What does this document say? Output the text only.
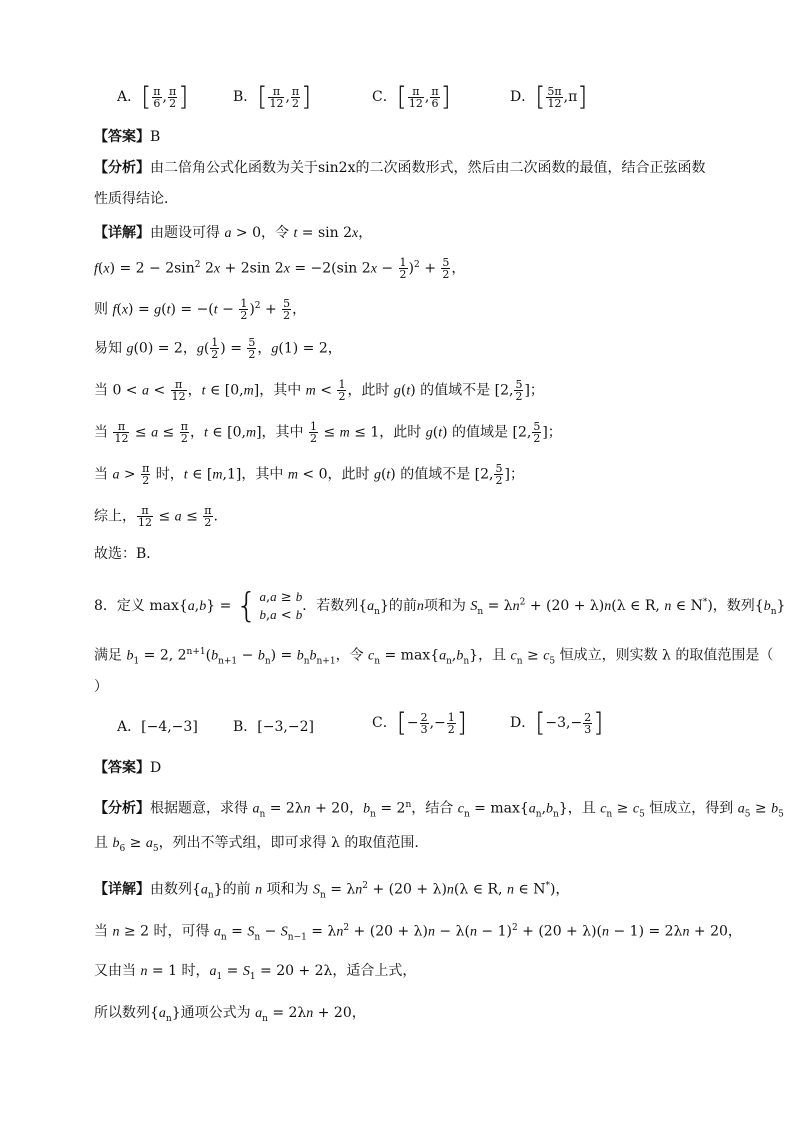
A．[ $\frac{\pi}{6}$ , $\frac{\pi}{2}$ ]	B．[ $\frac{\pi}{12}$ , $\frac{\pi}{2}$ ]	C．[ $\frac{\pi}{12}$ , $\frac{\pi}{6}$ ]	D．[ $\frac{5\pi}{12} ,\pi$]
【答案】B
【分析】由二倍角公式化函数为关于sin2x的二次函数形式，然后由二次函数的最值，结合正弦函数
性质得结论．
【详解】由题设可得 a > 0，令 t = sin 2x，
$f(x) = 2 - 2\sin^2$ 2x + 2sin 2x = −2(sin $2x - \frac{1}{2} )^2 + \frac{5}{2}$ ，
则 $f(x) = g(t) = -(t - \frac{1}{2} )^2 + \frac{5}{2}$ ，
易知 g(0) = 2，$g( \frac{1}{2}$ ) = $\frac{5}{2}$ ，g(1) = 2，
当 $0 < a < \frac{\pi}{12}$ ，t ∈ [0,m]，其中 $m < \frac{1}{2}$ ，此时 g(t) 的值域不是 [2, $\frac{5}{2}$ ]；
当 $\frac{\pi}{12} \le a \le \frac{\pi}{2}$ ，t ∈ [0,m]，其中 $\frac{1}{2} \le m \le 1$，此时 g(t) 的值域是 [2, $\frac{5}{2}$ ]；
当 $a > \frac{\pi}{2}$ 时，t ∈ [m,1]，其中 m < 0，此时 g(t) 的值域不是 [2, $\frac{5}{2}$ ]；
综上， $\frac{\pi}{12} \le a \le \frac{\pi}{2}$ .
故选：B．
8．定义 max{a,b} = { a,a ≥ b
b,a < b．若数列$\{a_n\}$的前n项和为 $S_n = \lambda n^2 + (20 + \lambda)n(\lambda$ ∈ R, n ∈ N*)，数列$\{b_n\}$
满足 $b_1 = 2$, $2^{n+1}(b_{n+1} - b_n) = b_nb_{n+1}$，令 $c_n = \max\{a_n,b_n\}$，且 $c_n \ge c_5$ 恒成立，则实数 λ 的取值范围是（
）
A．[−4,−3]	B．[−3,−2]	C．[− $\frac{2}{3}$ ,− $\frac{1}{2}$ ]	D．[$-3,- \frac{2}{3}$ ]
【答案】D
【分析】根据题意，求得 $a_n = 2\lambda n + 20$，$b_n = 2^n$，结合 $c_n = \max\{a_n,b_n\}$，且 $c_n \ge c_5$ 恒成立，得到 $a_5 \ge b_5$
且 $b_6 \ge a_5$，列出不等式组，即可求得 λ 的取值范围.
【详解】由数列$\{a_n\}$的前 n 项和为 $S_n = \lambda n^2 + (20 + \lambda)n(\lambda$ ∈ R, n ∈ N*)，
当 n ≥ 2 时，可得 $a_n = S_n - S_{n-1} = \lambda n^2 + (20 + \lambda)n - \lambda(n - 1)^2 + (20 + \lambda)(n - 1) = 2\lambda n + 20$，
又由当 n = 1 时，$a_1 = S_1 = 20 + 2\lambda$，适合上式，
所以数列$\{a_n\}$通项公式为 $a_n = 2\lambda n + 20$，
